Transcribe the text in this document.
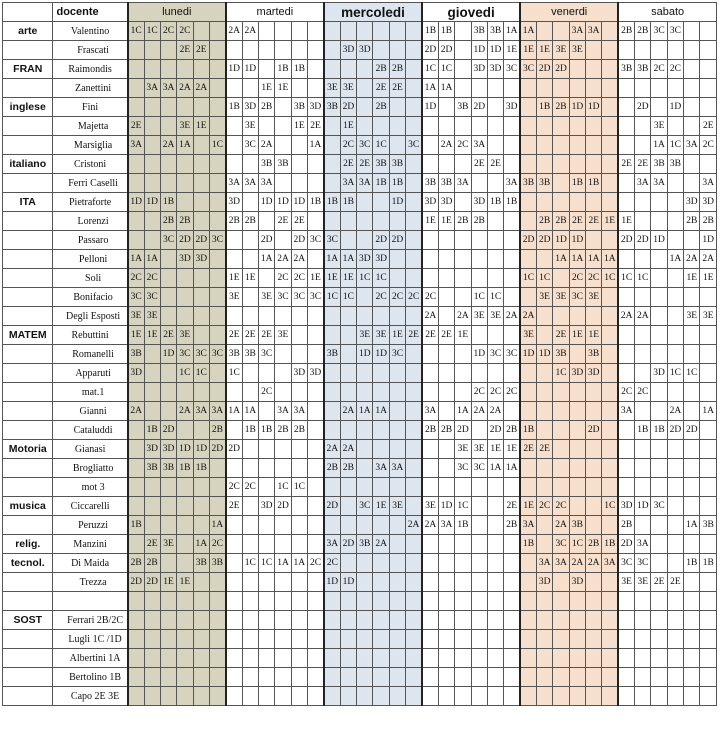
	docente	lunedi						martedi						mercoledi						giovedi						venerdi						sabato					
arte	Valentino	1C	1C	2C	2C			2A	2A											1B	1B		3B	3B	1A	1A			3A	3A		2B	2B	3C	3C		
	Frascati				2E	2E									3D	3D				2D	2D		1D	1D	1E	1E	1E	3E	3E								
FRAN	Raimondis							1D	1D		1B	1B					2B	2B		1C	1C		3D	3D	3C	3C	2D	2D				3B	3B	2C	2C		
	Zanettini		3A	3A	2A	2A				1E	1E			3E	3E		2E	2E		1A	1A																
inglese	Fini							1B	3D	2B		3B	3D	3B	2D		2B			1D		3B	2D		3D		1B	2B	1D	1D			2D		1D		
	Majetta	2E			3E	1E			3E			1E	2E		1E																			3E			2E
	Marsiglia	3A		2A	1A		1C		3C	2A			1A		2C	3C	1C		3C		2A	2C	3A											1A	1C	3A	2C
italiano	Cristoni									3B	3B				2E	2E	3B	3B					2E	2E								2E	2E	3B	3B		
	Ferri Caselli							3A	3A	3A					3A	3A	1B	1B		3B	3B	3A			3A	3B	3B		1B	1B			3A	3A			3A
ITA	Pietraforte	1D	1D	1B				3D		1D	1D	1D	1B	1B	1B			1D		3D	3D		3D	1B	1B											3D	3D
	Lorenzi			2B	2B			2B	2B		2E	2E								1E	1E	2B	2B				2B	2B	2E	2E	1E	1E				2B	2B
	Passaro			3C	2D	2D	3C			2D		2D	3C	3C			2D	2D								2D	2D	1D	1D			2D	2D	1D			1D
	Pelloni	1A	1A		3D	3D				1A	2A	2A		1A	1A	3D	3D											1A	1A	1A	1A				1A	2A	2A
	Soli	2C	2C					1E	1E		2C	2C	1E	1E	1E	1C	1C									1C	1C		2C	2C	1C	1C	1C			1E	1E
	Bonifacio	3C	3C					3E		3E	3C	3C	3C	1C	1C		2C	2C	2C	2C			1C	1C			3E	3E	3C	3E							
	Degli Esposti	3E	3E																	2A		2A	3E	3E	2A	2A						2A	2A			3E	3E
MATEM	Rebuttini	1E	1E	2E	3E			2E	2E	2E	3E					3E	3E	1E	2E	2E	2E	1E				3E		2E	1E	1E							
	Romanelli	3B		1D	3C	3C	3C	3B	3B	3C				3B		1D	1D	3C					1D	3C	3C	1D	1D	3B		3B							
	Apparuti	3D			1C	1C		1C				3D	3D															1C	3D	3D				3D	1C	1C	
	mat.1									2C													2C	2C	2C							2C	2C				
	Gianni	2A			2A	3A	3A	1A	1A		3A	3A			2A	1A	1A			3A		1A	2A	2A								3A			2A		1A
	Cataluddi		1B	2D			2B		1B	1B	2B	2B								2B	2B	2D		2D	2B	1B				2D			1B	1B	2D	2D	
Motoria	Gianasi		3D	3D	1D	1D	2D	2D						2A	2A							3E	3E	1E	1E	2E	2E										
	Brogliatto		3B	3B	1B	1B								2B	2B		3A	3A				3C	3C	1A	1A												
	mot 3							2C	2C		1C	1C																									
musica	Ciccarelli							2E		3D	2D			2D		3C	1E	3E		3E	1D	1C			2E	1E	2C	2C			1C	3D	1D	3C			
	Peruzzi	1B					1A												2A	2A	3A	1B			2B	3A		2A	3B			2B				1A	3B
relig.	Manzini		2E	3E		1A	2C							3A	2D	3B	2A									1B		3C	1C	2B	1B	2D	3A				
tecnol.	Di Maida	2B	2B			3B	3B		1C	1C	1A	1A	2C	2C													3A	3A	2A	2A	3A	3C	3C			1B	1B
	Trezza	2D	2D	1E	1E									1D	1D												3D		3D			3E	3E	2E	2E		

SOST	Ferrari 2B/2C																																				
	Lugli 1C /1D																																				
	Albertini 1A																																				
	Bertolino 1B																																				
	Capo 2E 3E																																				
